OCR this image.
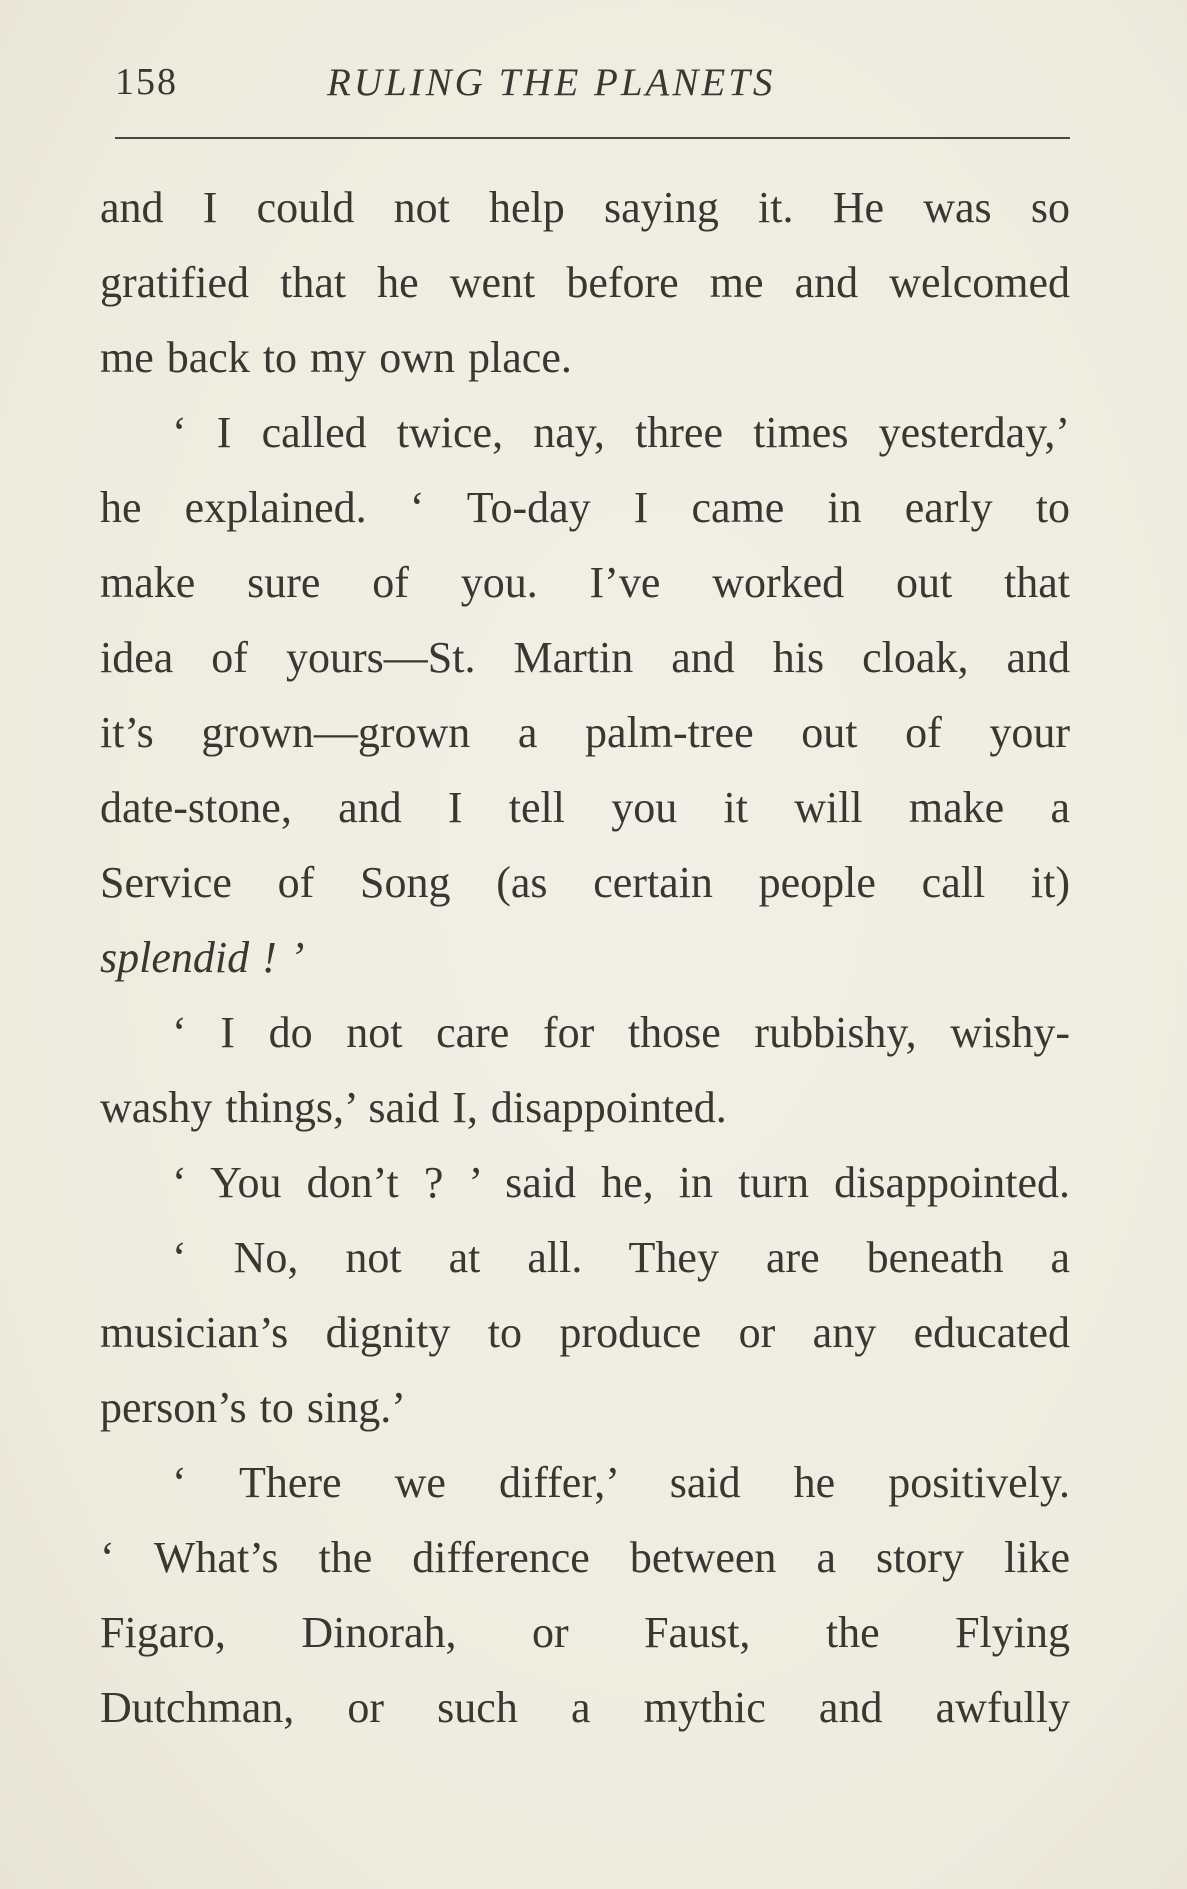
158	RULING THE PLANETS
and I could not help saying it. He was so
gratified that he went before me and welcomed
me back to my own place.
‘ I called twice, nay, three times yesterday,’
he explained. ‘ To-day I came in early to
make sure of you. I’ve worked out that
idea of yours—St. Martin and his cloak, and
it’s grown—grown a palm-tree out of your
date-stone, and I tell you it will make a
Service of Song (as certain people call it)
splendid ! ’
‘ I do not care for those rubbishy, wishy-
washy things,’ said I, disappointed.
‘ You don’t ? ’ said he, in turn disappointed.
‘ No, not at all. They are beneath a
musician’s dignity to produce or any educated
person’s to sing.’
‘ There we differ,’ said he positively.
‘ What’s the difference between a story like
Figaro, Dinorah, or Faust, the Flying
Dutchman, or such a mythic and awfully
